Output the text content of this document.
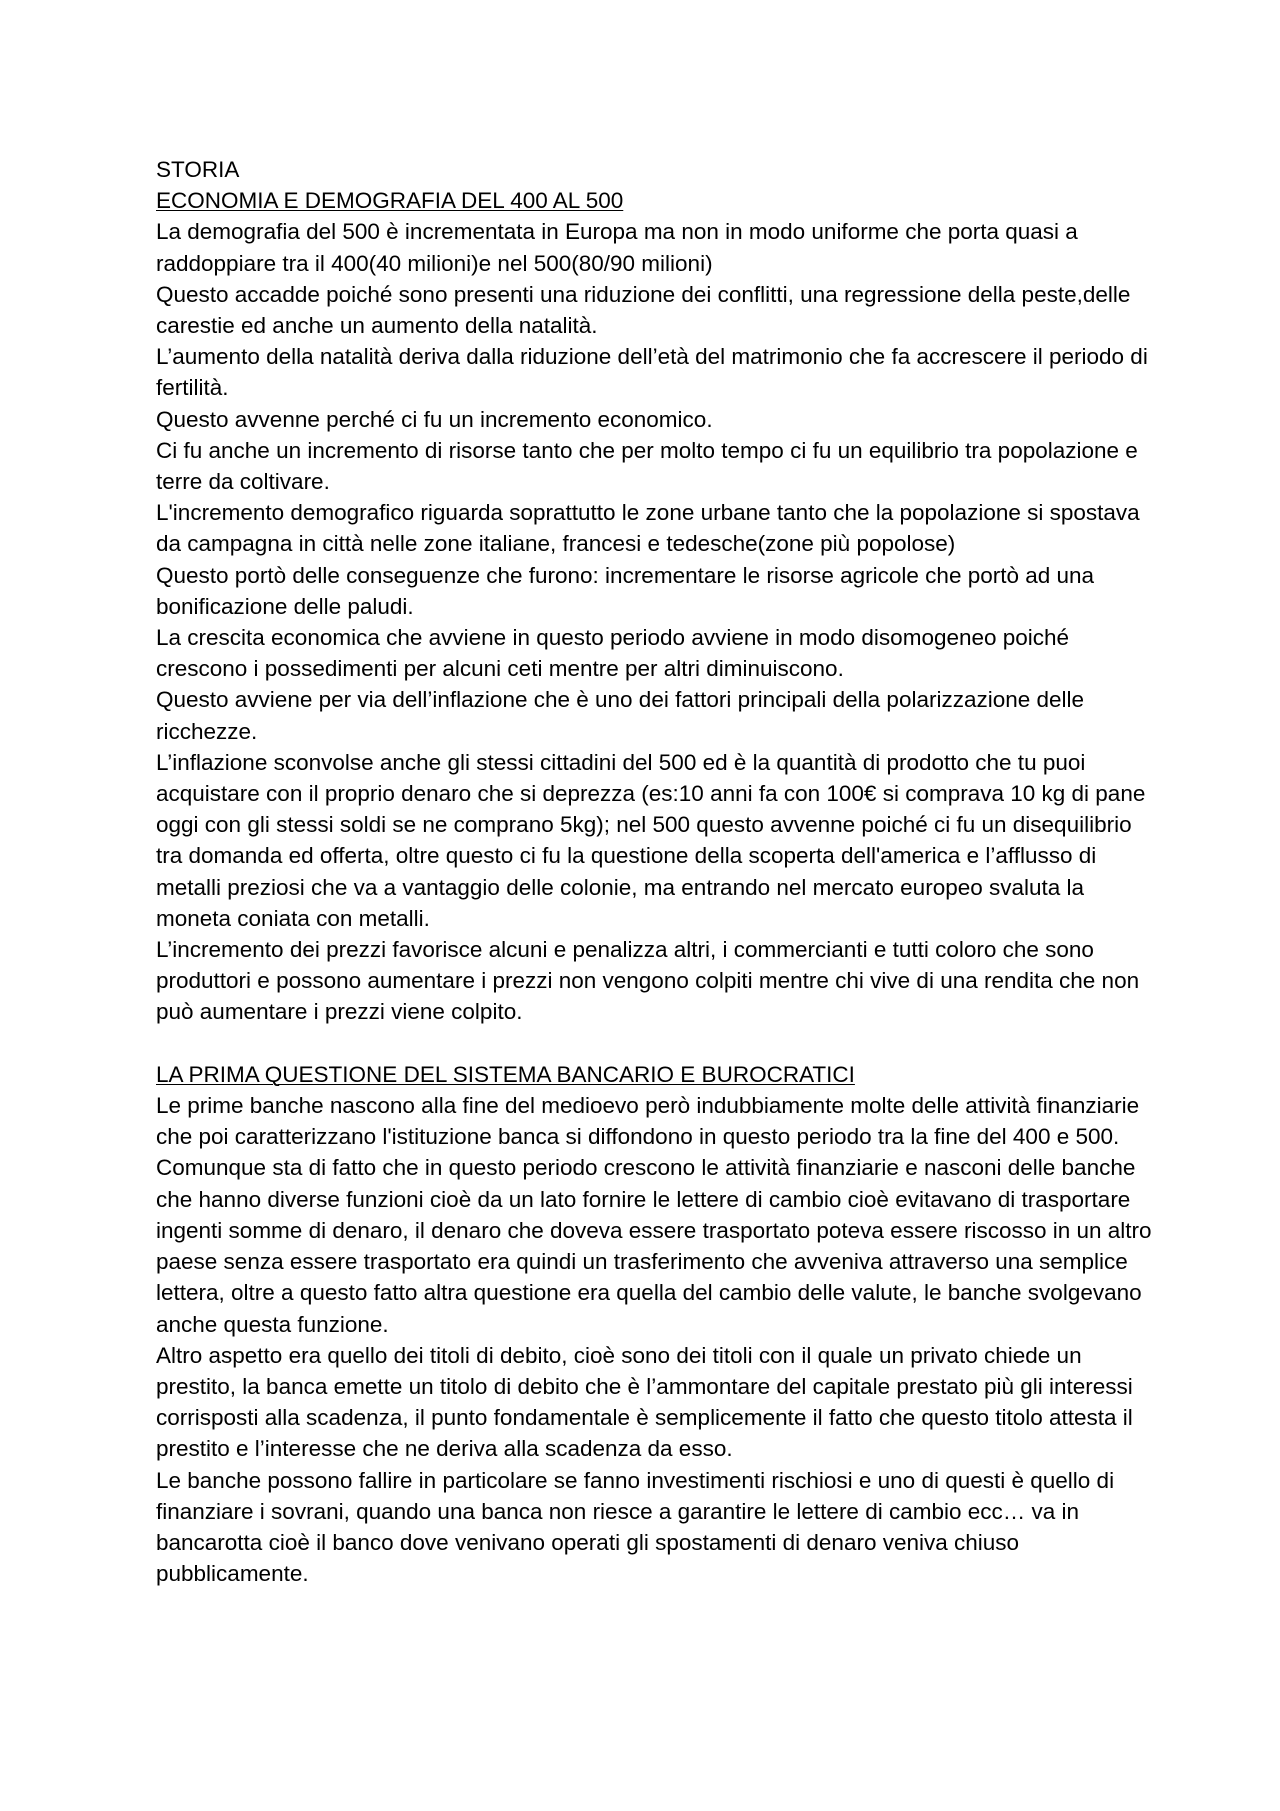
STORIA

ECONOMIA E DEMOGRAFIA DEL 400 AL 500

La demografia del 500 è incrementata in Europa ma non in modo uniforme che porta quasi a raddoppiare tra il 400(40 milioni)e nel 500(80/90 milioni)

Questo accadde poiché sono presenti una riduzione dei conflitti, una regressione della peste,delle carestie ed anche un aumento della natalità.

L’aumento della natalità deriva dalla riduzione dell’età del matrimonio che fa accrescere il periodo di fertilità.

Questo avvenne perché ci fu un incremento economico.

Ci fu anche un incremento di risorse tanto che per molto tempo ci fu un equilibrio tra popolazione e terre da coltivare.

L'incremento demografico riguarda soprattutto le zone urbane tanto che la popolazione si spostava da campagna in città nelle zone italiane, francesi e tedesche(zone più popolose)

Questo portò delle conseguenze che furono: incrementare le risorse agricole che portò ad una bonificazione delle paludi.

La crescita economica che avviene in questo periodo avviene in modo disomogeneo poiché crescono i possedimenti per alcuni ceti mentre per altri diminuiscono.

Questo avviene per via dell’inflazione che è uno dei fattori principali della polarizzazione delle ricchezze.

L’inflazione sconvolse anche gli stessi cittadini del 500 ed è la quantità di prodotto che tu puoi acquistare con il proprio denaro che si deprezza (es:10 anni fa con 100€ si comprava 10 kg di pane oggi con gli stessi soldi se ne comprano 5kg); nel 500 questo avvenne poiché ci fu un disequilibrio tra domanda ed offerta, oltre questo ci fu la questione della scoperta dell'america e l’afflusso di metalli preziosi che va a vantaggio delle colonie, ma entrando nel mercato europeo svaluta la moneta coniata con metalli.

L’incremento dei prezzi favorisce alcuni e penalizza altri, i commercianti e tutti coloro che sono produttori e possono aumentare i prezzi non vengono colpiti mentre chi vive di una rendita che non può aumentare i prezzi viene colpito.

LA PRIMA QUESTIONE DEL SISTEMA BANCARIO E BUROCRATICI

Le prime banche nascono alla fine del medioevo però indubbiamente molte delle attività finanziarie che poi caratterizzano l'istituzione banca si diffondono in questo periodo tra la fine del 400 e 500.

Comunque sta di fatto che in questo periodo crescono le attività finanziarie e nasconi delle banche che hanno diverse funzioni cioè da un lato fornire le lettere di cambio cioè evitavano di trasportare ingenti somme di denaro, il denaro che doveva essere trasportato poteva essere riscosso in un altro paese senza essere trasportato era quindi un trasferimento che avveniva attraverso una semplice lettera, oltre a questo fatto altra questione era quella del cambio delle valute, le banche svolgevano anche questa funzione.

Altro aspetto era quello dei titoli di debito, cioè sono dei titoli con il quale un privato chiede un prestito, la banca emette un titolo di debito che è l’ammontare del capitale prestato più gli interessi corrisposti alla scadenza, il punto fondamentale è semplicemente il fatto che questo titolo attesta il prestito e l’interesse che ne deriva alla scadenza da esso.

Le banche possono fallire in particolare se fanno investimenti rischiosi e uno di questi è quello di finanziare i sovrani, quando una banca non riesce a garantire le lettere di cambio ecc… va in bancarotta cioè il banco dove venivano operati gli spostamenti di denaro veniva chiuso pubblicamente.
